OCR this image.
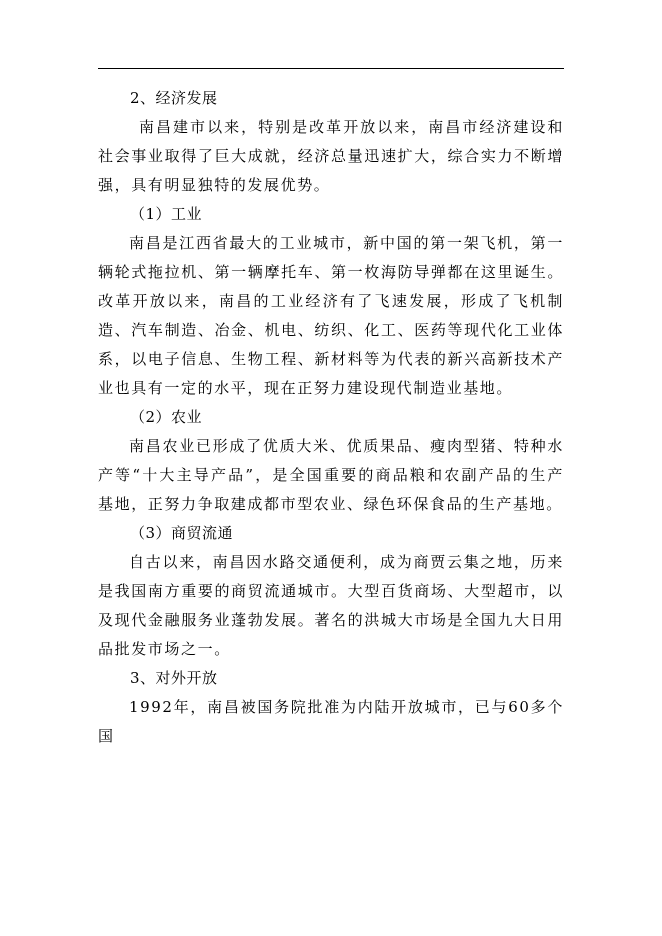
2、经济发展

南昌建市以来，特别是改革开放以来，南昌市经济建设和社会事业取得了巨大成就，经济总量迅速扩大，综合实力不断增强，具有明显独特的发展优势。

（1）工业

南昌是江西省最大的工业城市，新中国的第一架飞机，第一辆轮式拖拉机、第一辆摩托车、第一枚海防导弹都在这里诞生。改革开放以来，南昌的工业经济有了飞速发展，形成了飞机制造、汽车制造、冶金、机电、纺织、化工、医药等现代化工业体系，以电子信息、生物工程、新材料等为代表的新兴高新技术产业也具有一定的水平，现在正努力建设现代制造业基地。

（2）农业

南昌农业已形成了优质大米、优质果品、瘦肉型猪、特种水产等“十大主导产品”，是全国重要的商品粮和农副产品的生产基地，正努力争取建成都市型农业、绿色环保食品的生产基地。

（3）商贸流通

自古以来，南昌因水路交通便利，成为商贾云集之地，历来是我国南方重要的商贸流通城市。大型百货商场、大型超市，以及现代金融服务业蓬勃发展。著名的洪城大市场是全国九大日用品批发市场之一。

3、对外开放

1992年，南昌被国务院批准为内陆开放城市，已与60多个国
